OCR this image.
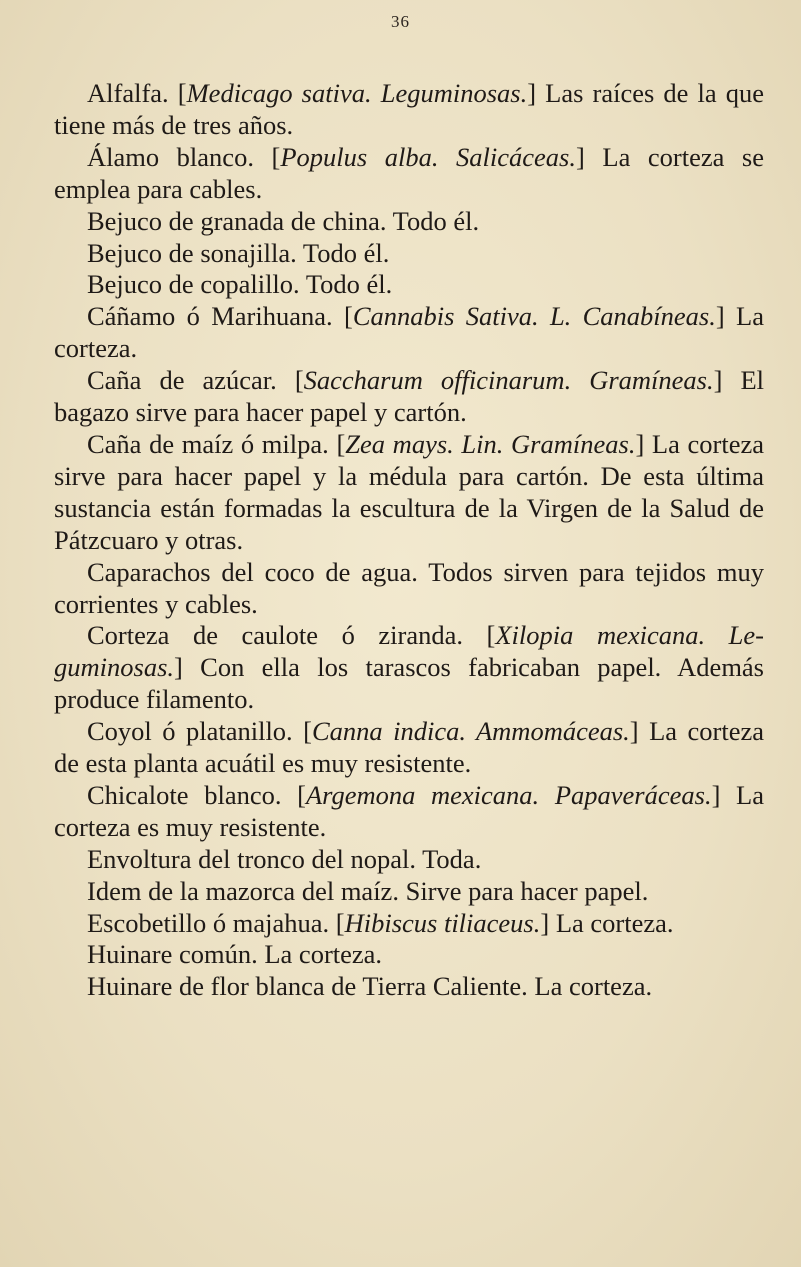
36

Alfalfa. [Medicago sativa. Leguminosas.] Las raíces de la que tiene más de tres años.

Álamo blanco. [Populus alba. Salicáceas.] La corteza se emplea para cables.

Bejuco de granada de china. Todo él.

Bejuco de sonajilla. Todo él.

Bejuco de copalillo. Todo él.

Cáñamo ó Marihuana. [Cannabis Sativa. L. Canabíneas.] La corteza.

Caña de azúcar. [Saccharum officinarum. Gramíneas.] El bagazo sirve para hacer papel y cartón.

Caña de maíz ó milpa. [Zea mays. Lin. Gramíneas.] La corteza sirve para hacer papel y la médula para cartón. De esta última sustancia están formadas la escultura de la Virgen de la Salud de Pátzcuaro y otras.

Caparachos del coco de agua. Todos sirven para tejidos muy corrientes y cables.

Corteza de caulote ó ziranda. [Xilopia mexicana. Leguminosas.] Con ella los tarascos fabricaban papel. Además produce filamento.

Coyol ó platanillo. [Canna indica. Ammomáceas.] La corteza de esta planta acuátil es muy resistente.

Chicalote blanco. [Argemona mexicana. Papaveráceas.] La corteza es muy resistente.

Envoltura del tronco del nopal. Toda.

Idem de la mazorca del maíz. Sirve para hacer papel.

Escobetillo ó majahua. [Hibiscus tiliaceus.] La corteza.

Huinare común. La corteza.

Huinare de flor blanca de Tierra Caliente. La corteza.
